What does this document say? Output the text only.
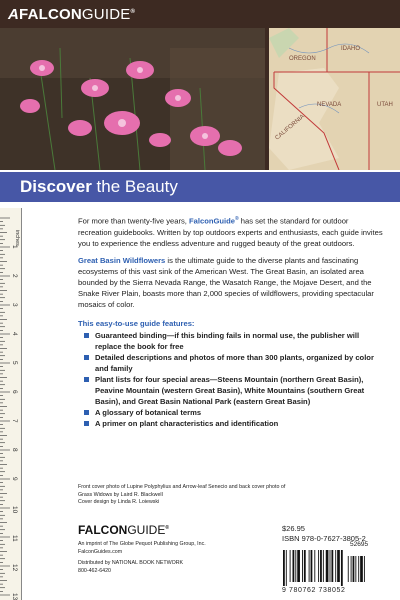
AFALCONGUIDE®
OREGON
IDAHO
NEVADA	UTAH
CALIFORNIA
Discover the Beauty
inches
1
2
3
4
5
6
7
8
9
10
11
12
13

For more than twenty-five years, FalconGuide® has set the standard for outdoor recreation guidebooks. Written by top outdoors experts and enthusiasts, each guide invites you to experience the endless adventure and rugged beauty of the great outdoors.

Great Basin Wildflowers is the ultimate guide to the diverse plants and fascinating ecosystems of this vast sink of the American West. The Great Basin, an isolated area bounded by the Sierra Nevada Range, the Wasatch Range, the Mojave Desert, and the Snake River Plain, boasts more than 2,000 species of wildflowers, providing spectacular mosaics of color.

This easy-to-use guide features:
Guaranteed binding—if this binding fails in normal use, the publisher will replace the book for free
Detailed descriptions and photos of more than 300 plants, organized by color and family
Plant lists for four special areas—Steens Mountain (northern Great Basin), Peavine Mountain (western Great Basin), White Mountains (southern Great Basin), and Great Basin National Park (eastern Great Basin)
A glossary of botanical terms
A primer on plant characteristics and identification
Front cover photo of Lupine Polyphylius and Arrow-leaf Senecio and back cover photo of Grass Widows by Laird R. Blackwell
Cover design by Linda R. Loiewski
FALCONGUIDE®
An imprint of The Globe Pequot Publishing Group, Inc.
FalconGuides.com
Distributed by NATIONAL BOOK NETWORK
800-462-6420
$26.95
ISBN 978-0-7627-3805-2
52695
9 780762 738052
